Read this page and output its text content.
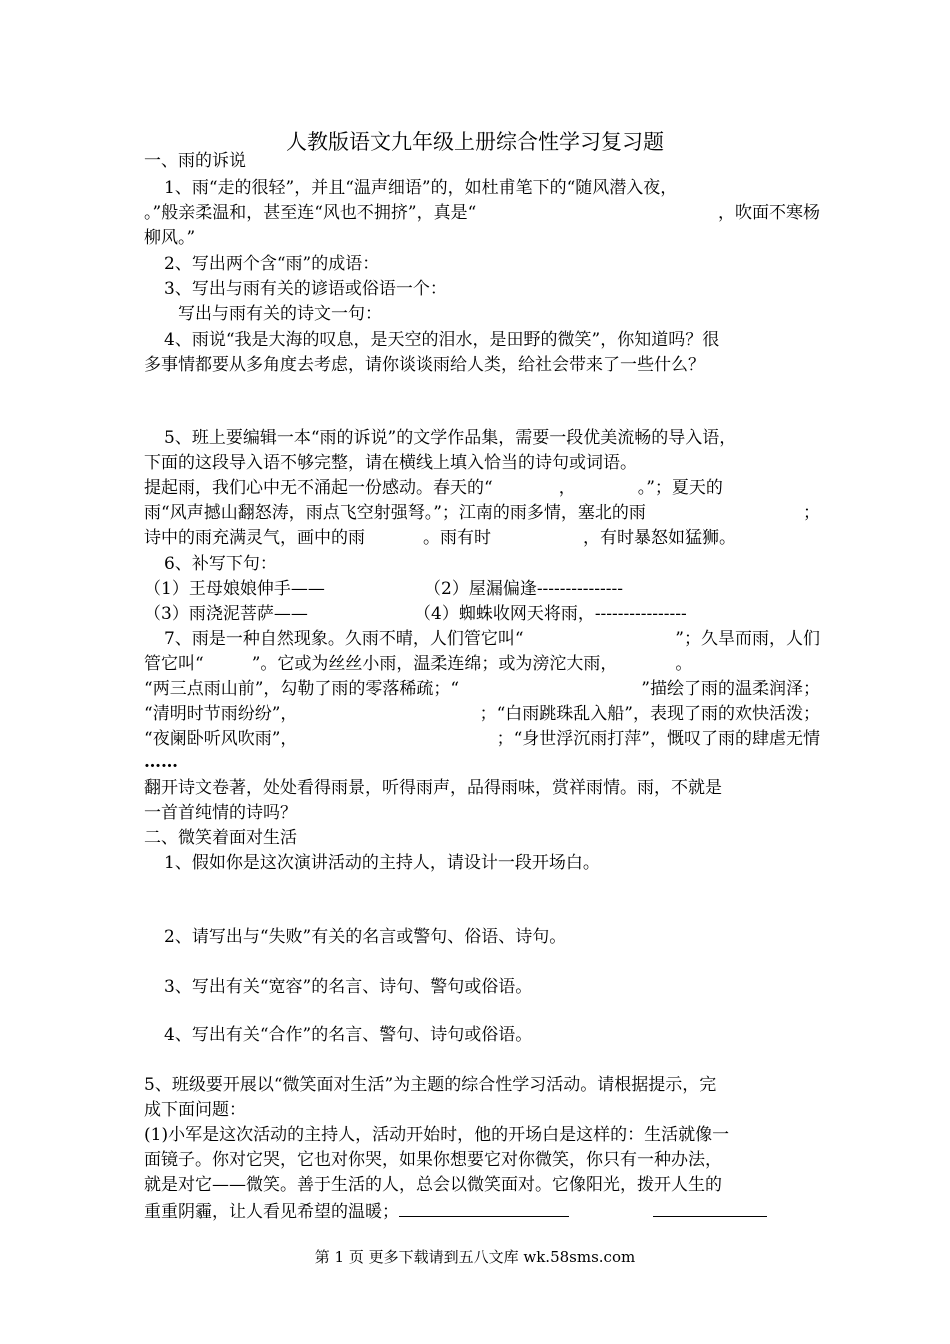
人教版语文九年级上册综合性学习复习题
一、雨的诉说
1、雨“走的很轻”，并且“温声细语”的，如杜甫笔下的“随风潜入夜，
。”般亲柔温和，甚至连“风也不拥挤”，真是“	，吹面不寒杨
柳风。”
2、写出两个含“雨”的成语：
3、写出与雨有关的谚语或俗语一个：
写出与雨有关的诗文一句：
4、雨说“我是大海的叹息，是天空的泪水，是田野的微笑”，你知道吗？很
多事情都要从多角度去考虑，请你谈谈雨给人类，给社会带来了一些什么？
5、班上要编辑一本“雨的诉说”的文学作品集，需要一段优美流畅的导入语，
下面的这段导入语不够完整，请在横线上填入恰当的诗句或词语。
提起雨，我们心中无不涌起一份感动。春天的“	，	。”；夏天的
雨“风声撼山翻怒涛，雨点飞空射强弩。”；江南的雨多情，塞北的雨	；
诗中的雨充满灵气，画中的雨	。雨有时	，有时暴怒如猛狮。
6、补写下句：
（1）王母娘娘伸手——	（2）屋漏偏逢---------------
（3）雨浇泥菩萨——	（4）蜘蛛收网天将雨，----------------
7、雨是一种自然现象。久雨不晴，人们管它叫“	”；久旱而雨，人们
管它叫“	”。它或为丝丝小雨，温柔连绵；或为滂沱大雨，	。
“两三点雨山前”，勾勒了雨的零落稀疏；“	”描绘了雨的温柔润泽；
“清明时节雨纷纷”，	；“白雨跳珠乱入船”，表现了雨的欢快活泼；
“夜阑卧听风吹雨”，	；“身世浮沉雨打萍”，慨叹了雨的肆虐无情
……
翻开诗文卷著，处处看得雨景，听得雨声，品得雨味，赏祥雨情。雨，不就是
一首首纯情的诗吗？
二、微笑着面对生活
1、假如你是这次演讲活动的主持人，请设计一段开场白。
2、请写出与“失败”有关的名言或警句、俗语、诗句。
3、写出有关“宽容”的名言、诗句、警句或俗语。
4、写出有关“合作”的名言、警句、诗句或俗语。
5、班级要开展以“微笑面对生活”为主题的综合性学习活动。请根据提示，完
成下面问题：
(1)小军是这次活动的主持人，活动开始时，他的开场白是这样的：生活就像一
面镜子。你对它哭，它也对你哭，如果你想要它对你微笑，你只有一种办法，
就是对它——微笑。善于生活的人，总会以微笑面对。它像阳光，拨开人生的
重重阴霾，让人看见希望的温暖；
第 1 页 更多下载请到五八文库 wk.58sms.com
